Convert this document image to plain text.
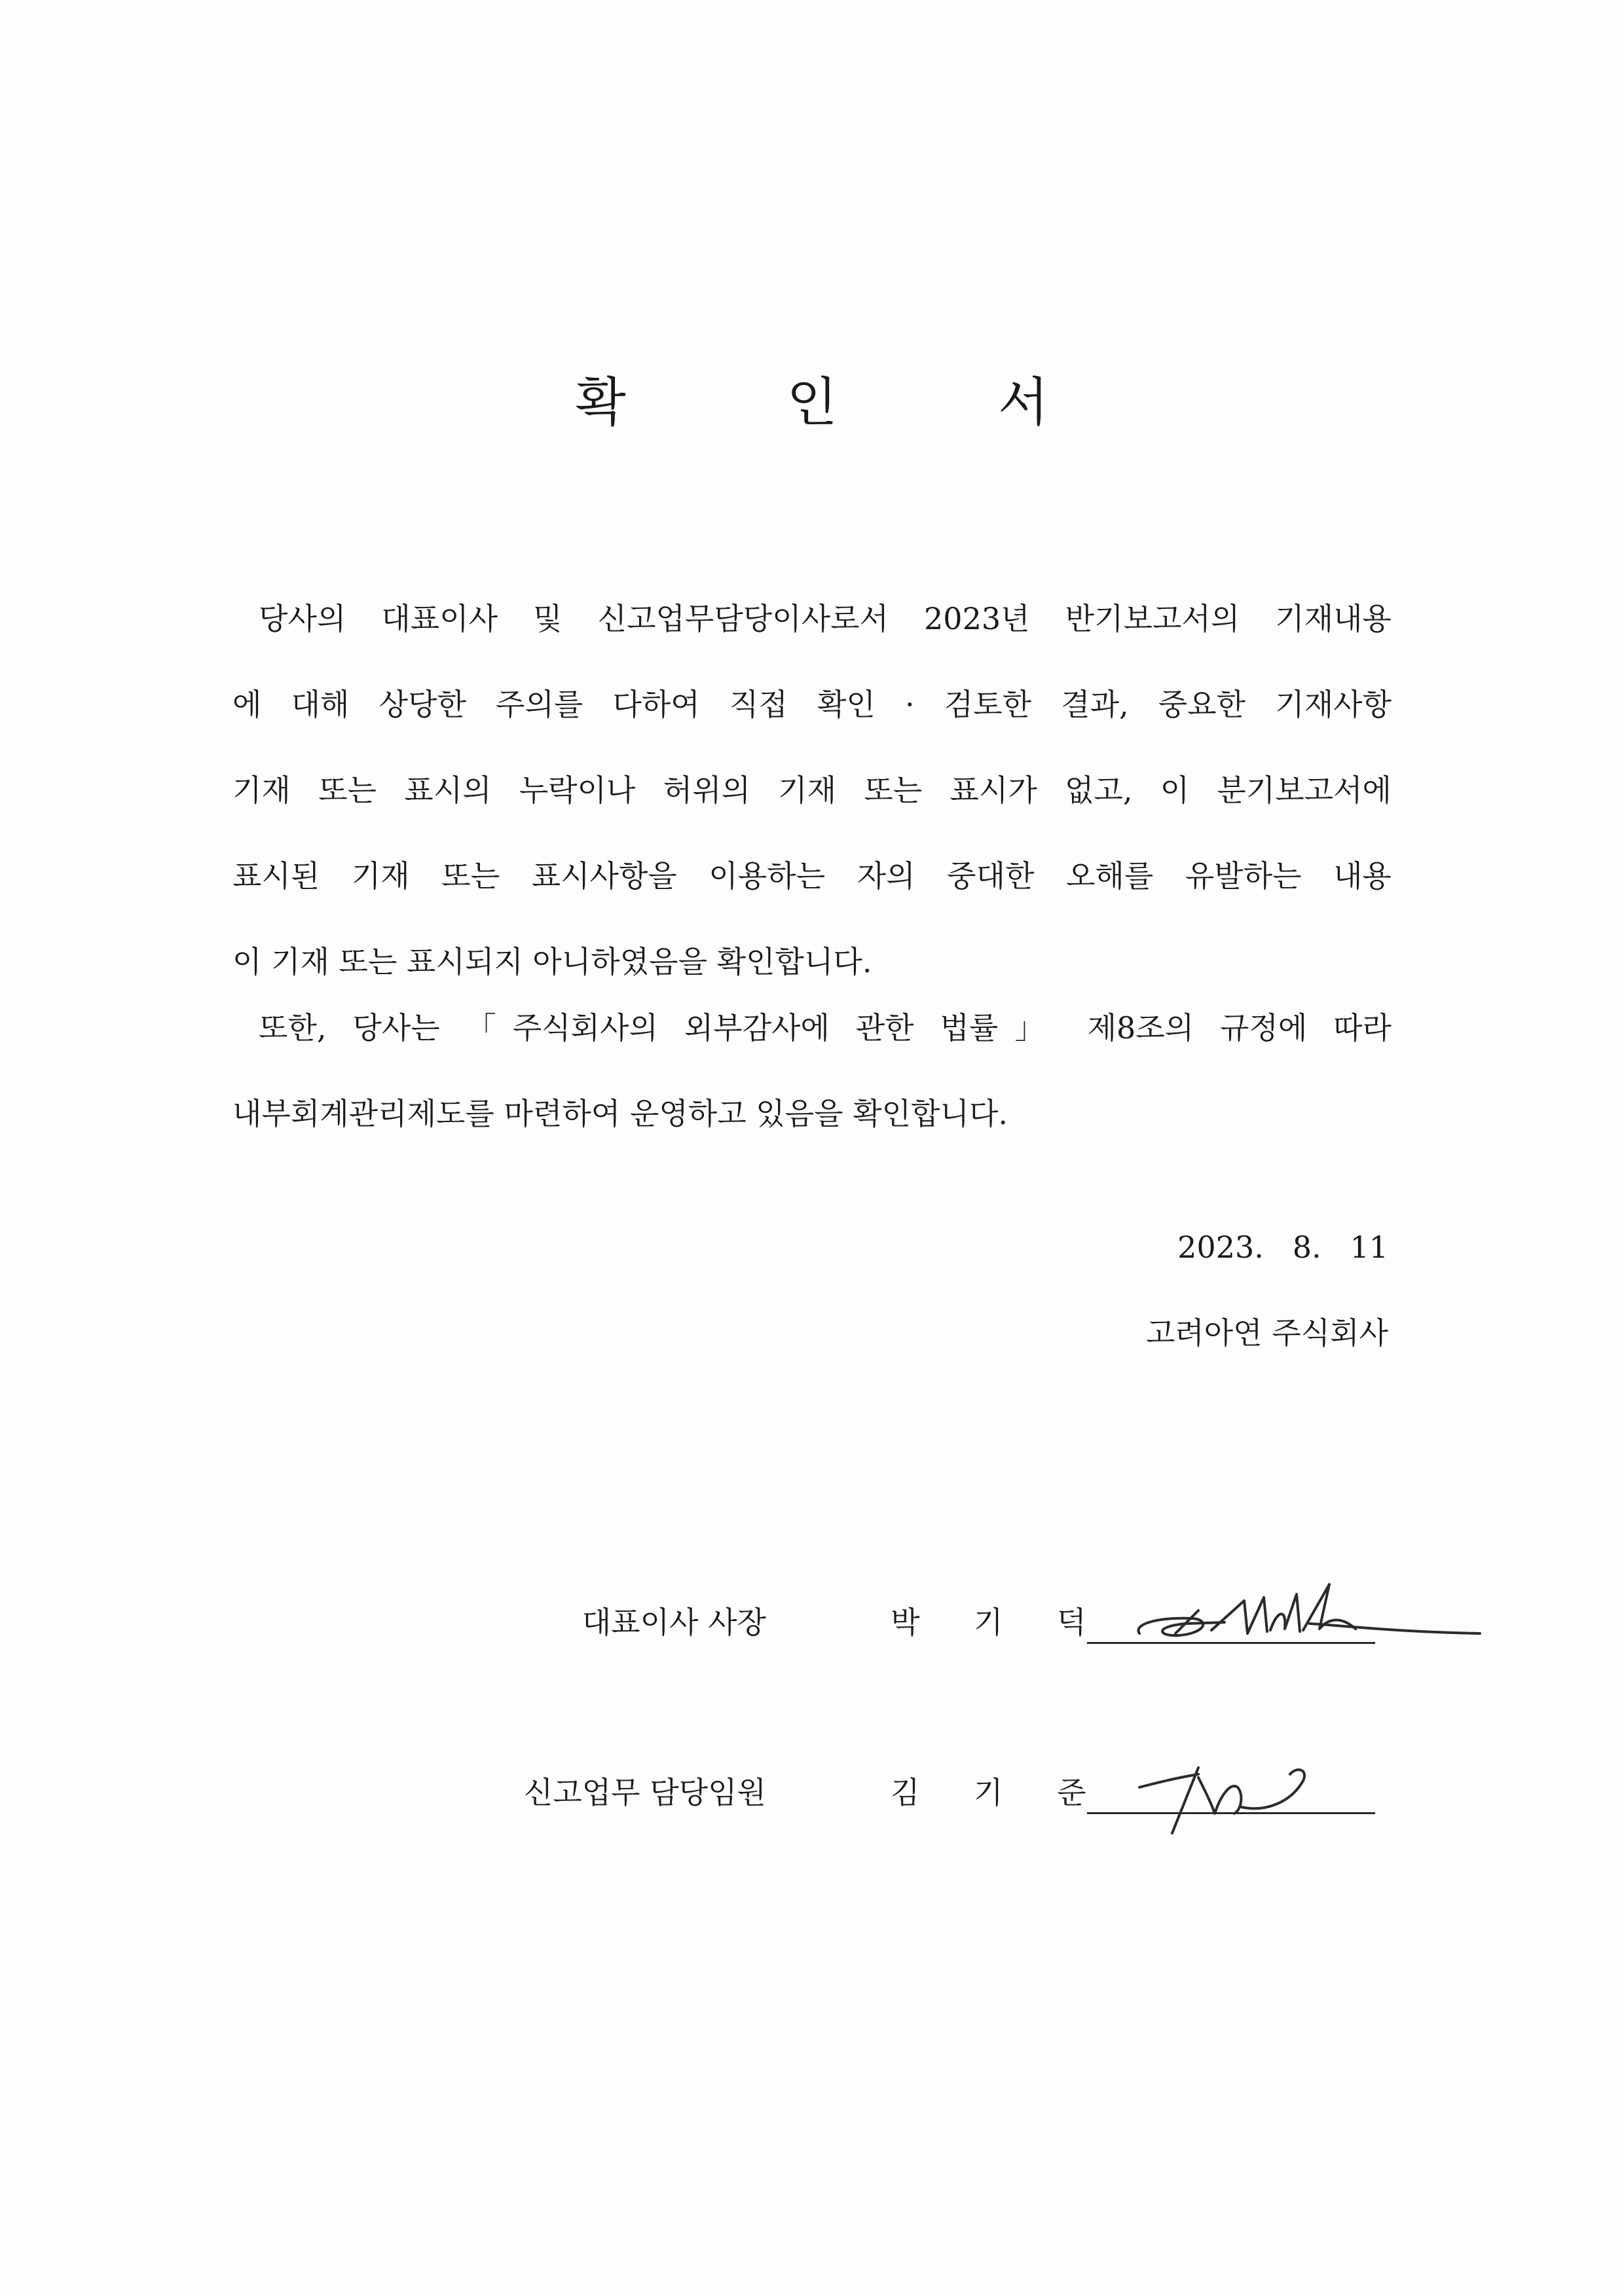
확 인 서
당사의 대표이사 및 신고업무담당이사로서 2023년 반기보고서의 기재내용
에 대해 상당한 주의를 다하여 직접 확인 · 검토한 결과, 중요한 기재사항
기재 또는 표시의 누락이나 허위의 기재 또는 표시가 없고, 이 분기보고서에
표시된 기재 또는 표시사항을 이용하는 자의 중대한 오해를 유발하는 내용
이 기재 또는 표시되지 아니하였음을 확인합니다.
또한, 당사는 「주식회사의 외부감사에 관한 법률」 제8조의 규정에 따라
내부회계관리제도를 마련하여 운영하고 있음을 확인합니다.
2023.   8.   11
고려아연 주식회사
대표이사 사장	박 기 덕
신고업무 담당임원	김 기 준
